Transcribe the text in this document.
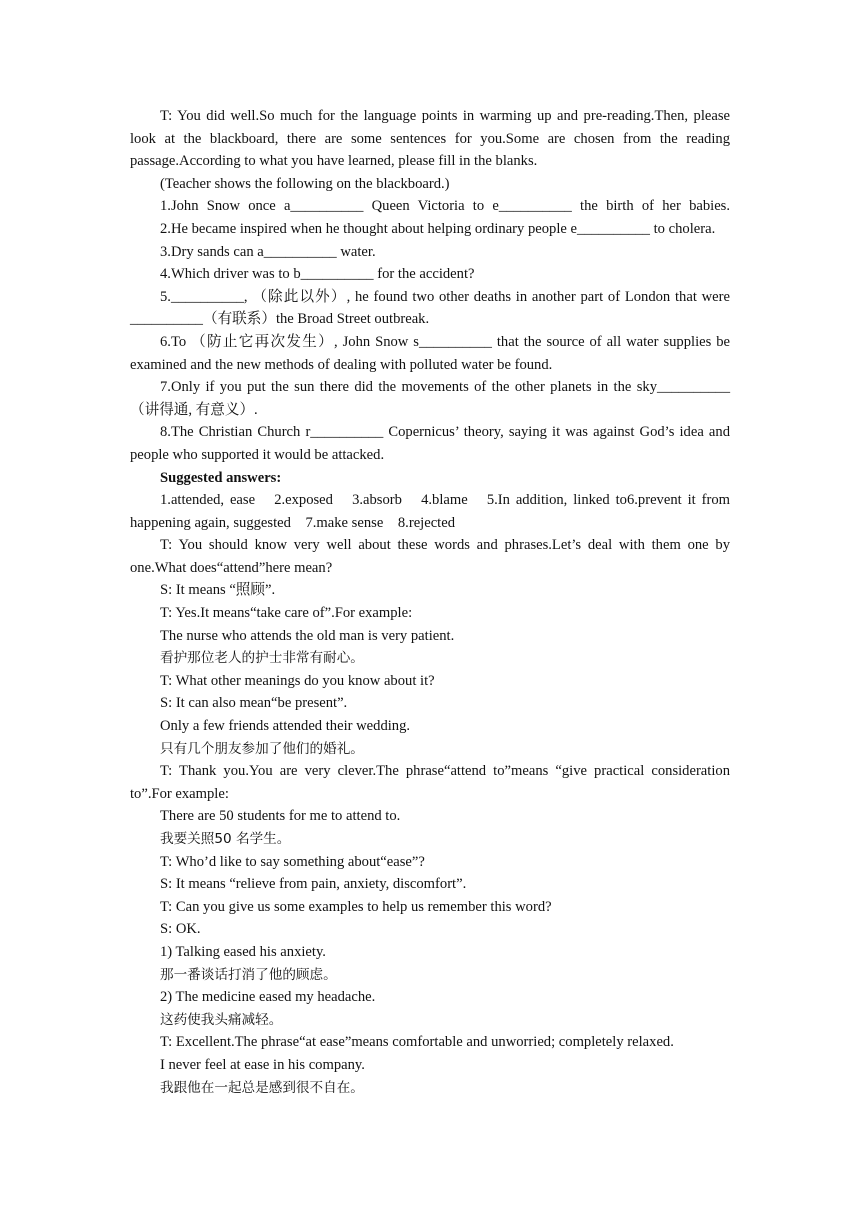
T: You did well.So much for the language points in warming up and pre-reading.Then, please look at the blackboard, there are some sentences for you.Some are chosen from the reading passage.According to what you have learned, please fill in the blanks.

(Teacher shows the following on the blackboard.)

1.John Snow once a__________ Queen Victoria to e__________ the birth of her babies.

2.He became inspired when he thought about helping ordinary people e__________ to cholera.

3.Dry sands can a__________ water.

4.Which driver was to b__________ for the accident?

5.__________, （除此以外）, he found two other deaths in another part of London that were __________（有联系）the Broad Street outbreak.

6.To （防止它再次发生）, John Snow s__________ that the source of all water supplies be examined and the new methods of dealing with polluted water be found.

7.Only if you put the sun there did the movements of the other planets in the sky__________（讲得通, 有意义）.

8.The Christian Church r__________ Copernicus’ theory, saying it was against God’s idea and people who supported it would be attacked.

Suggested answers:

1.attended, ease　2.exposed　3.absorb　4.blame　5.In addition, linked to6.prevent it from happening again, suggested　7.make sense　8.rejected

T: You should know very well about these words and phrases.Let’s deal with them one by one.What does“attend”here mean?

S: It means “照顾”.

T: Yes.It means“take care of”.For example:

The nurse who attends the old man is very patient.

看护那位老人的护士非常有耐心。

T: What other meanings do you know about it?

S: It can also mean“be present”.

Only a few friends attended their wedding.

只有几个朋友参加了他们的婚礼。

T: Thank you.You are very clever.The phrase“attend to”means “give practical consideration to”.For example:

There are 50 students for me to attend to.

我要关照50 名学生。

T: Who’d like to say something about“ease”?

S: It means “relieve from pain, anxiety, discomfort”.

T: Can you give us some examples to help us remember this word?

S: OK.

1) Talking eased his anxiety.

那一番谈话打消了他的顾虑。

2) The medicine eased my headache.

这药使我头痛减轻。

T: Excellent.The phrase“at ease”means comfortable and unworried; completely relaxed.

I never feel at ease in his company.

我跟他在一起总是感到很不自在。
